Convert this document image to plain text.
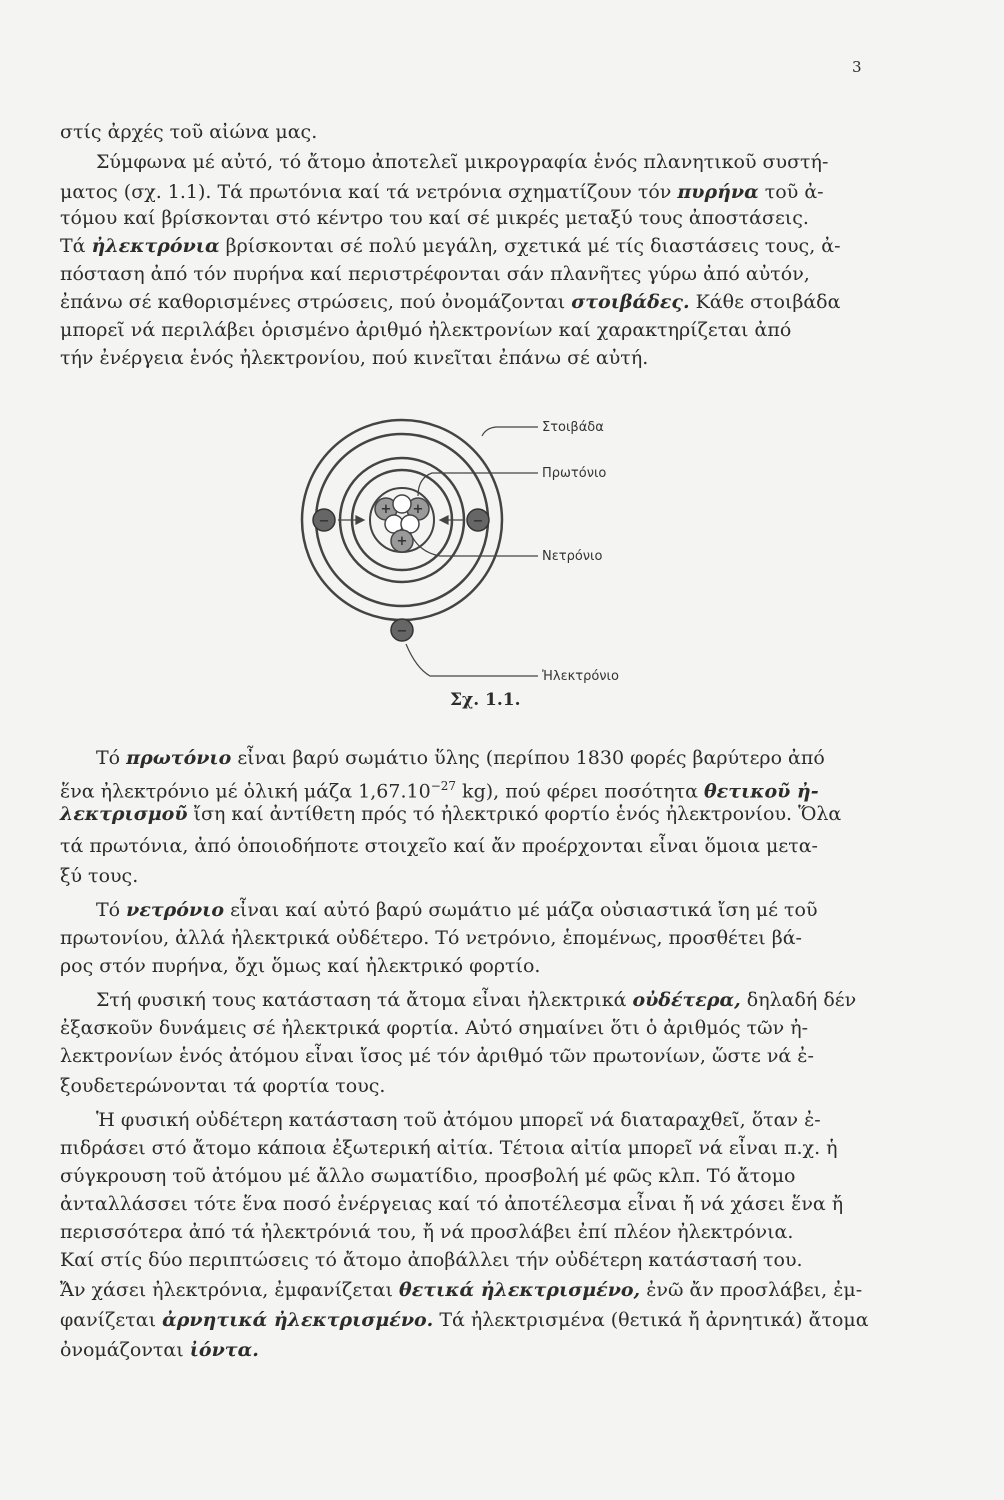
3
στίς ἀρχές τοῦ αἰώνα μας.
Σύμφωνα μέ αὐτό, τό ἄτομο ἀποτελεῖ μικρογραφία ἑνός πλανητικοῦ συστή-
ματος (σχ. 1.1). Τά πρωτόνια καί τά νετρόνια σχηματίζουν τόν πυρήνα τοῦ ἀ-
τόμου καί βρίσκονται στό κέντρο του καί σέ μικρές μεταξύ τους ἀποστάσεις.
Τά ἠλεκτρόνια βρίσκονται σέ πολύ μεγάλη, σχετικά μέ τίς διαστάσεις τους, ἀ-
πόσταση ἀπό τόν πυρήνα καί περιστρέφονται σάν πλανῆτες γύρω ἀπό αὐτόν,
ἐπάνω σέ καθορισμένες στρώσεις, πού ὀνομάζονται στοιβάδες. Κάθε στοιβάδα
μπορεῖ νά περιλάβει ὁρισμένο ἀριθμό ἠλεκτρονίων καί χαρακτηρίζεται ἀπό
τήν ἐνέργεια ἑνός ἠλεκτρονίου, πού κινεῖται ἐπάνω σέ αὐτή.
+ +
+
−	−
−
Στοιβάδα
Πρωτόνιο
Νετρόνιο
Ἠλεκτρόνιο
Σχ. 1.1.
Τό πρωτόνιο εἶναι βαρύ σωμάτιο ὕλης (περίπου 1830 φορές βαρύτερο ἀπό
ἕνα ἠλεκτρόνιο μέ ὁλική μάζα $1,67.10^{-27}$ kg), πού φέρει ποσότητα θετικοῦ ἠ-
λεκτρισμοῦ ἴση καί ἀντίθετη πρός τό ἠλεκτρικό φορτίο ἑνός ἠλεκτρονίου. Ὅλα
τά πρωτόνια, ἀπό ὁποιοδήποτε στοιχεῖο καί ἄν προέρχονται εἶναι ὅμοια μετα-
ξύ τους.
Τό νετρόνιο εἶναι καί αὐτό βαρύ σωμάτιο μέ μάζα οὐσιαστικά ἴση μέ τοῦ
πρωτονίου, ἀλλά ἠλεκτρικά οὐδέτερο. Τό νετρόνιο, ἑπομένως, προσθέτει βά-
ρος στόν πυρήνα, ὄχι ὅμως καί ἠλεκτρικό φορτίο.
Στή φυσική τους κατάσταση τά ἄτομα εἶναι ἠλεκτρικά οὐδέτερα, δηλαδή δέν
ἐξασκοῦν δυνάμεις σέ ἠλεκτρικά φορτία. Αὐτό σημαίνει ὅτι ὁ ἀριθμός τῶν ἠ-
λεκτρονίων ἑνός ἀτόμου εἶναι ἴσος μέ τόν ἀριθμό τῶν πρωτονίων, ὥστε νά ἐ-
ξουδετερώνονται τά φορτία τους.
Ἡ φυσική οὐδέτερη κατάσταση τοῦ ἀτόμου μπορεῖ νά διαταραχθεῖ, ὅταν ἐ-
πιδράσει στό ἄτομο κάποια ἐξωτερική αἰτία. Τέτοια αἰτία μπορεῖ νά εἶναι π.χ. ἡ
σύγκρουση τοῦ ἀτόμου μέ ἄλλο σωματίδιο, προσβολή μέ φῶς κλπ. Τό ἄτομο
ἀνταλλάσσει τότε ἕνα ποσό ἐνέργειας καί τό ἀποτέλεσμα εἶναι ἤ νά χάσει ἕνα ἤ
περισσότερα ἀπό τά ἠλεκτρόνιά του, ἤ νά προσλάβει ἐπί πλέον ἠλεκτρόνια.
Καί στίς δύο περιπτώσεις τό ἄτομο ἀποβάλλει τήν οὐδέτερη κατάστασή του.
Ἄν χάσει ἠλεκτρόνια, ἐμφανίζεται θετικά ἠλεκτρισμένο, ἐνῶ ἄν προσλάβει, ἐμ-
φανίζεται ἀρνητικά ἠλεκτρισμένο. Τά ἠλεκτρισμένα (θετικά ἤ ἀρνητικά) ἄτομα
ὀνομάζονται ἰόντα.
